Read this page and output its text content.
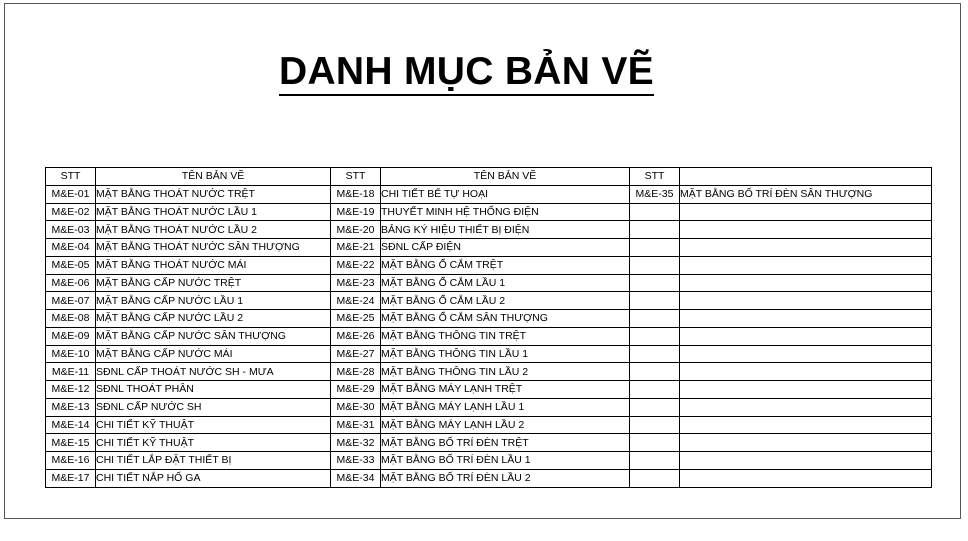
DANH MỤC BẢN VẼ
STT	TÊN BẢN VẼ	STT	TÊN BẢN VẼ	STT	
M&E-01	MẶT BẰNG THOÁT NƯỚC TRỆT	M&E-18	CHI TIẾT BỂ TỰ HOẠI	M&E-35	MẶT BẰNG BỐ TRÍ ĐÈN SÂN THƯỢNG
M&E-02	MẶT BẰNG THOÁT NƯỚC LẦU 1	M&E-19	THUYẾT MINH HỆ THỐNG ĐIỆN		
M&E-03	MẶT BẰNG THOÁT NƯỚC LẦU 2	M&E-20	BẢNG KÝ HIỆU THIẾT BỊ ĐIỆN		
M&E-04	MẶT BẰNG THOÁT NƯỚC SÂN THƯỢNG	M&E-21	SĐNL CẤP ĐIỆN		
M&E-05	MẶT BẰNG THOÁT NƯỚC MÁI	M&E-22	MẶT BẰNG Ổ CẮM TRỆT		
M&E-06	MẶT BẰNG CẤP NƯỚC TRỆT	M&E-23	MẶT BẰNG Ổ CẮM LẦU 1		
M&E-07	MẶT BẰNG CẤP NƯỚC LẦU 1	M&E-24	MẶT BẰNG Ổ CẮM LẦU 2		
M&E-08	MẶT BẰNG CẤP NƯỚC LẦU 2	M&E-25	MẶT BẰNG Ổ CẮM SÂN THƯỢNG		
M&E-09	MẶT BẰNG CẤP NƯỚC SÂN THƯỢNG	M&E-26	MẶT BẰNG THÔNG TIN TRỆT		
M&E-10	MẶT BẰNG CẤP NƯỚC MÁI	M&E-27	MẶT BẰNG THÔNG TIN LẦU 1		
M&E-11	SĐNL CẤP THOÁT NƯỚC SH - MƯA	M&E-28	MẶT BẰNG THÔNG TIN LẦU 2		
M&E-12	SĐNL THOÁT PHÂN	M&E-29	MẶT BẰNG MÁY LẠNH TRỆT		
M&E-13	SĐNL CẤP NƯỚC SH	M&E-30	MẶT BẰNG MÁY LẠNH LẦU 1		
M&E-14	CHI TIẾT KỸ THUẬT	M&E-31	MẶT BẰNG MÁY LẠNH LẦU 2		
M&E-15	CHI TIẾT KỸ THUẬT	M&E-32	MẶT BẰNG BỐ TRÍ ĐÈN TRỆT		
M&E-16	CHI TIẾT LẮP ĐẶT THIẾT BỊ	M&E-33	MẶT BẰNG BỐ TRÍ ĐÈN LẦU 1		
M&E-17	CHI TIẾT NẮP HỐ GA	M&E-34	MẶT BẰNG BỐ TRÍ ĐÈN LẦU 2		
